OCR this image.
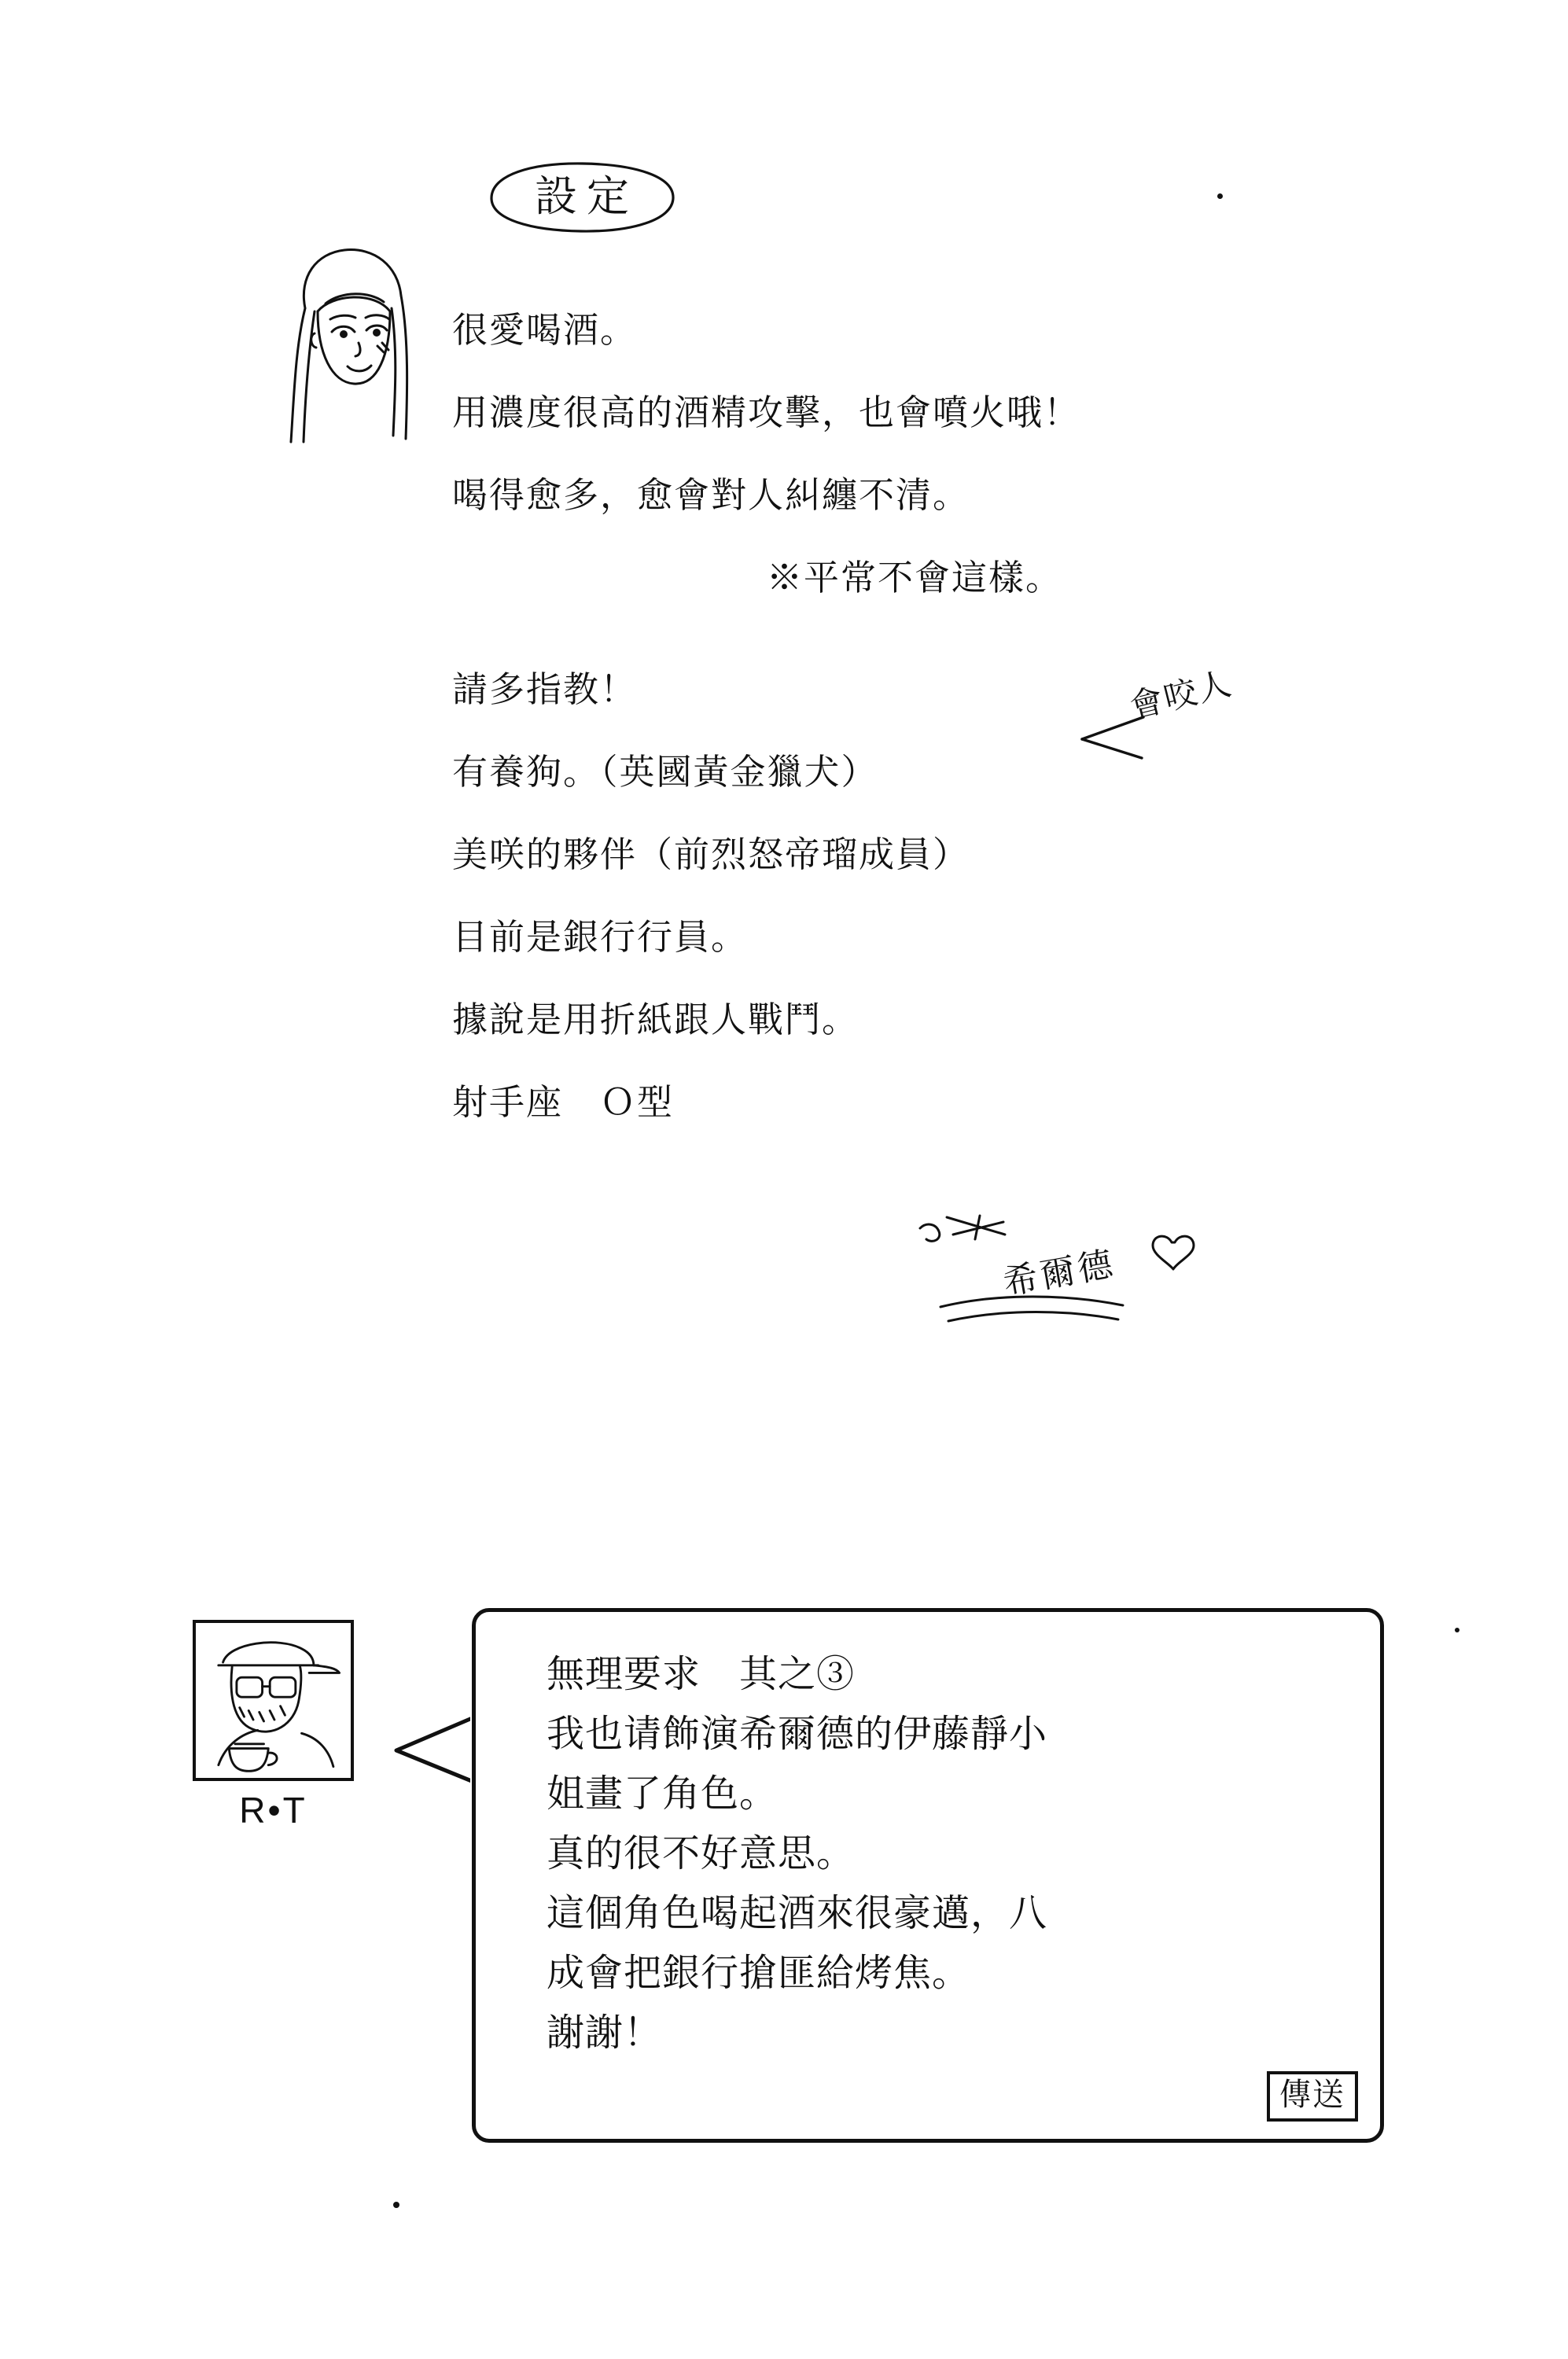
設定
很愛喝酒。
用濃度很高的酒精攻擊，也會噴火哦！
喝得愈多，愈會對人糾纏不清。
※平常不會這樣。
請多指教！
有養狗。（英國黃金獵犬）
美咲的夥伴（前烈怒帝瑠成員）
目前是銀行行員。
據說是用折紙跟人戰鬥。
射手座　Ｏ型
會咬人
希爾德
R•T
無理要求　其之③
我也请飾演希爾德的伊藤靜小
姐畫了角色。
真的很不好意思。
這個角色喝起酒來很豪邁，八
成會把銀行搶匪給烤焦。
謝謝！
傳送
